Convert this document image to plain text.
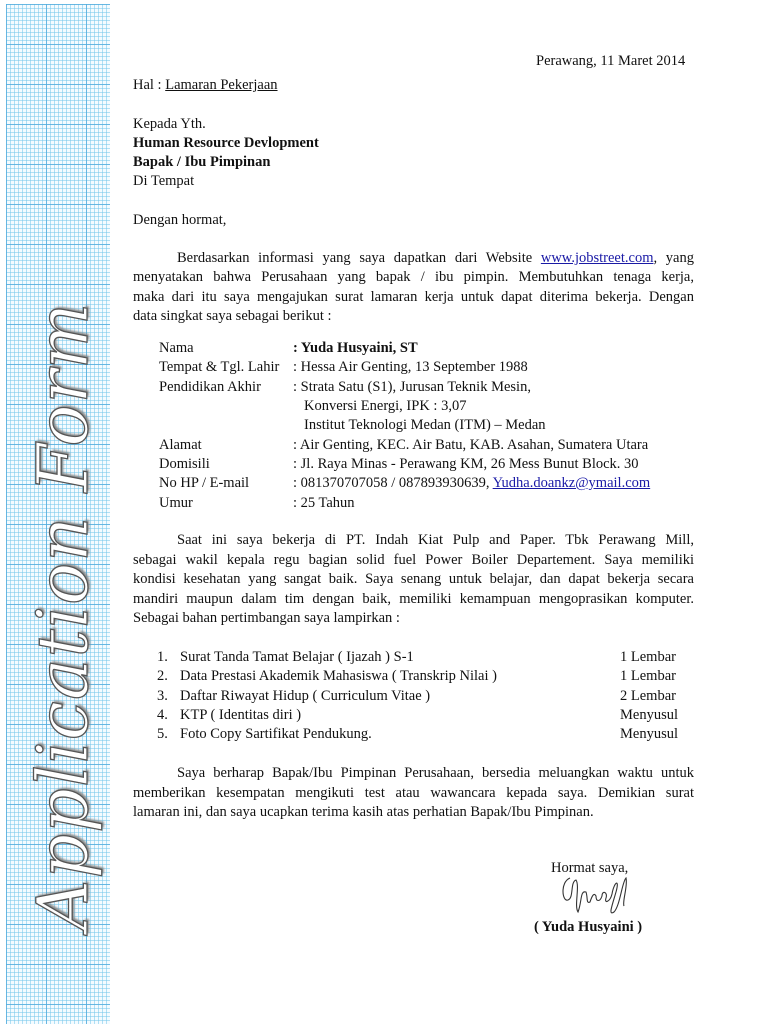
Application Form
Perawang, 11 Maret 2014
Hal : Lamaran Pekerjaan
Kepada Yth.
Human Resource Devlopment
Bapak / Ibu Pimpinan
Di Tempat
Dengan hormat,
Berdasarkan informasi yang saya dapatkan dari Website www.jobstreet.com, yang
menyatakan bahwa Perusahaan yang bapak / ibu pimpin. Membutuhkan tenaga kerja,
maka dari itu saya mengajukan surat lamaran kerja untuk dapat diterima bekerja. Dengan
data singkat saya sebagai berikut :
Nama	: Yuda Husyaini, ST
Tempat & Tgl. Lahir : Hessa Air Genting, 13 September 1988
Pendidikan Akhir : Strata Satu (S1), Jurusan Teknik Mesin,
Konversi Energi, IPK : 3,07
Institut Teknologi Medan (ITM) – Medan
Alamat	: Air Genting, KEC. Air Batu, KAB. Asahan, Sumatera Utara
Domisili	: Jl. Raya Minas - Perawang KM, 26 Mess Bunut Block. 30
No HP / E-mail	: 081370707058 / 087893930639, Yudha.doankz@ymail.com
Umur	: 25 Tahun
Saat ini saya bekerja di PT. Indah Kiat Pulp and Paper. Tbk Perawang Mill,
sebagai wakil kepala regu bagian solid fuel Power Boiler Departement. Saya memiliki
kondisi kesehatan yang sangat baik. Saya senang untuk belajar, dan dapat bekerja secara
mandiri maupun dalam tim dengan baik, memiliki kemampuan mengoprasikan komputer.
Sebagai bahan pertimbangan saya lampirkan :
1. Surat Tanda Tamat Belajar ( Ijazah ) S-1	1 Lembar
2. Data Prestasi Akademik Mahasiswa ( Transkrip Nilai )	1 Lembar
3. Daftar Riwayat Hidup ( Curriculum Vitae )	2 Lembar
4. KTP ( Identitas diri )	Menyusul
5. Foto Copy Sartifikat Pendukung.	Menyusul
Saya berharap Bapak/Ibu Pimpinan Perusahaan, bersedia meluangkan waktu untuk
memberikan kesempatan mengikuti test atau wawancara kepada saya. Demikian surat
lamaran ini, dan saya ucapkan terima kasih atas perhatian Bapak/Ibu Pimpinan.
Hormat saya,
( Yuda Husyaini )
